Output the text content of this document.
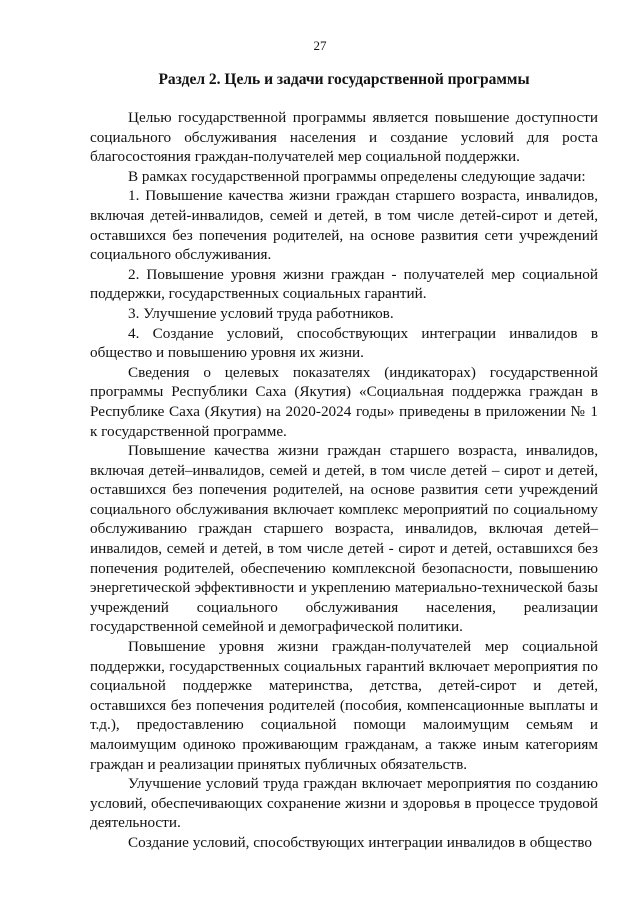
27
Раздел 2. Цель и задачи государственной программы

Целью государственной программы является повышение доступности социального обслуживания населения и создание условий для роста благосостояния граждан-получателей мер социальной поддержки.

В рамках государственной программы определены следующие задачи:

1. Повышение качества жизни граждан старшего возраста, инвалидов, включая детей-инвалидов, семей и детей, в том числе детей-сирот и детей, оставшихся без попечения родителей, на основе развития сети учреждений социального обслуживания.

2. Повышение уровня жизни граждан - получателей мер социальной поддержки, государственных социальных гарантий.

3. Улучшение условий труда работников.

4. Создание условий, способствующих интеграции инвалидов в общество и повышению уровня их жизни.

Сведения о целевых показателях (индикаторах) государственной программы Республики Саха (Якутия) «Социальная поддержка граждан в Республике Саха (Якутия) на 2020-2024 годы» приведены в приложении № 1 к государственной программе.

Повышение качества жизни граждан старшего возраста, инвалидов, включая детей–инвалидов, семей и детей, в том числе детей – сирот и детей, оставшихся без попечения родителей, на основе развития сети учреждений социального обслуживания включает комплекс мероприятий по социальному обслуживанию граждан старшего возраста, инвалидов, включая детей–инвалидов, семей и детей, в том числе детей - сирот и детей, оставшихся без попечения родителей, обеспечению комплексной безопасности, повышению энергетической эффективности и укреплению материально-технической базы учреждений социального обслуживания населения, реализации государственной семейной и демографической политики.

Повышение уровня жизни граждан-получателей мер социальной поддержки, государственных социальных гарантий включает мероприятия по социальной поддержке материнства, детства, детей-сирот и детей, оставшихся без попечения родителей (пособия, компенсационные выплаты и т.д.), предоставлению социальной помощи малоимущим семьям и малоимущим одиноко проживающим гражданам, а также иным категориям граждан и реализации принятых публичных обязательств.

Улучшение условий труда граждан включает мероприятия по созданию условий, обеспечивающих сохранение жизни и здоровья в процессе трудовой деятельности.

Создание условий, способствующих интеграции инвалидов в общество
